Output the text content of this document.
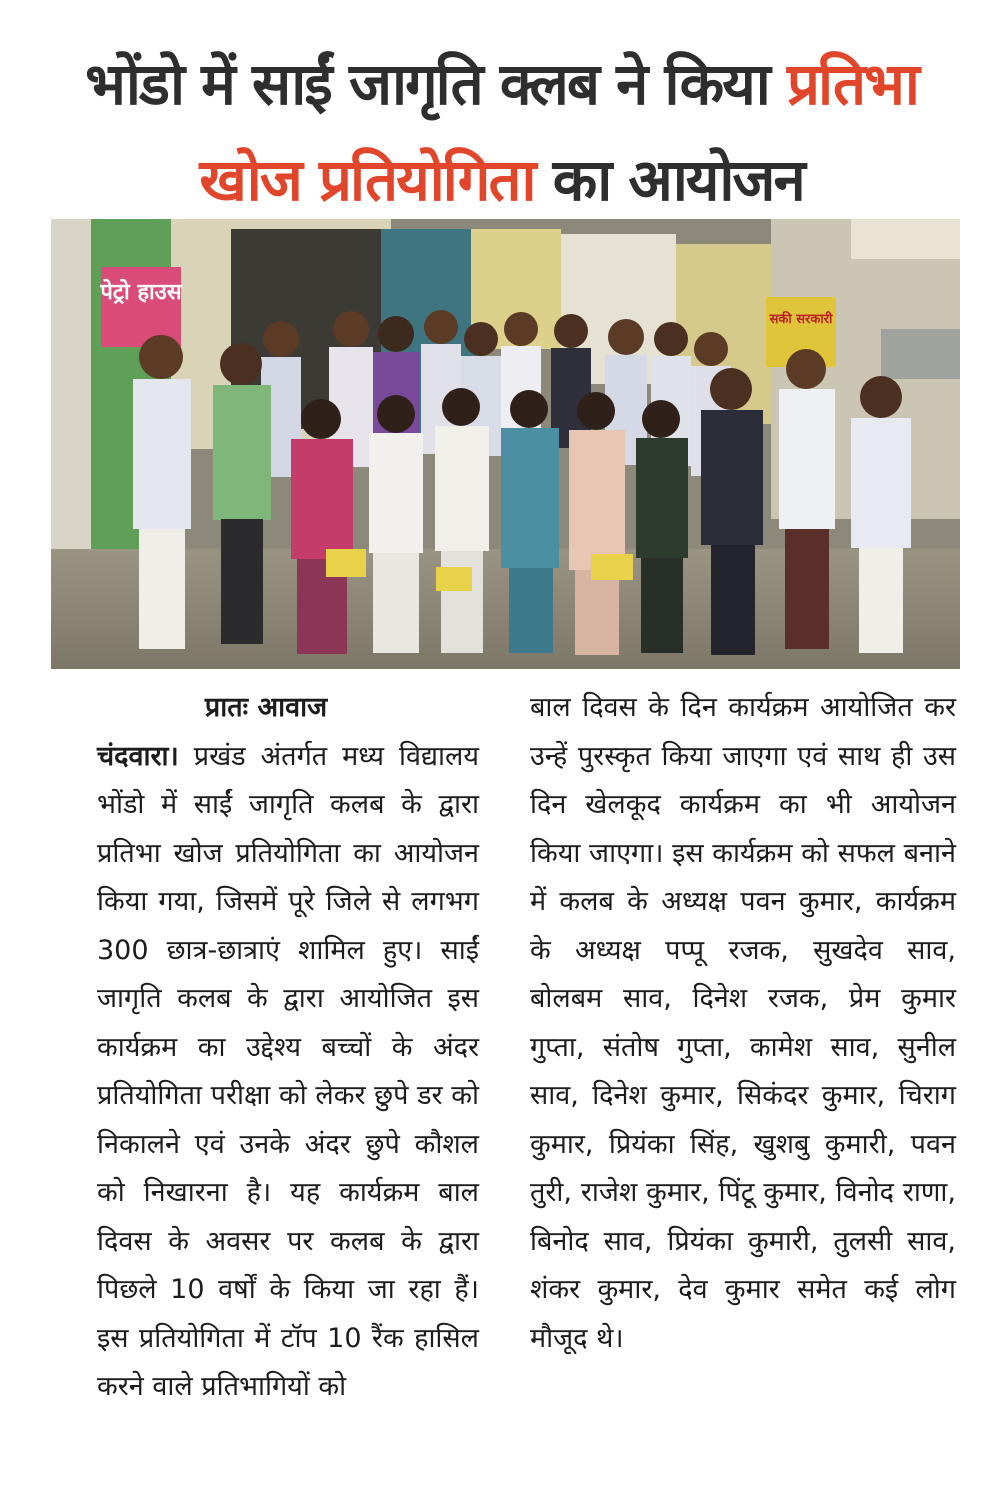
भोंडो में साईं जागृति क्लब ने किया प्रतिभा
खोज प्रतियोगिता का आयोजन
पेट्रो हाउस
सकी सरकारी

प्रातः आवाज

चंदवारा। प्रखंड अंतर्गत मध्य विद्यालय भोंडो में साईं जागृति कलब के द्वारा प्रतिभा खोज प्रतियोगिता का आयोजन किया गया, जिसमें पूरे जिले से लगभग 300 छात्र-छात्राएं शामिल हुए। साईं जागृति कलब के द्वारा आयोजित इस कार्यक्रम का उद्देश्य बच्चों के अंदर प्रतियोगिता परीक्षा को लेकर छुपे डर को निकालने एवं उनके अंदर छुपे कौशल को निखारना है। यह कार्यक्रम बाल दिवस के अवसर पर कलब के द्वारा पिछले 10 वर्षों के किया जा रहा हैं। इस प्रतियोगिता में टॉप 10 रैंक हासिल करने वाले प्रतिभागियों को

बाल दिवस के दिन कार्यक्रम आयोजित कर उन्हें पुरस्कृत किया जाएगा एवं साथ ही उस दिन खेलकूद कार्यक्रम का भी आयोजन किया जाएगा। इस कार्यक्रम को सफल बनाने में कलब के अध्यक्ष पवन कुमार, कार्यक्रम के अध्यक्ष पप्पू रजक, सुखदेव साव, बोलबम साव, दिनेश रजक, प्रेम कुमार गुप्ता, संतोष गुप्ता, कामेश साव, सुनील साव, दिनेश कुमार, सिकंदर कुमार, चिराग कुमार, प्रियंका सिंह, खुशबु कुमारी, पवन तुरी, राजेश कुमार, पिंटू कुमार, विनोद राणा, बिनोद साव, प्रियंका कुमारी, तुलसी साव, शंकर कुमार, देव कुमार समेत कई लोग मौजूद थे।
